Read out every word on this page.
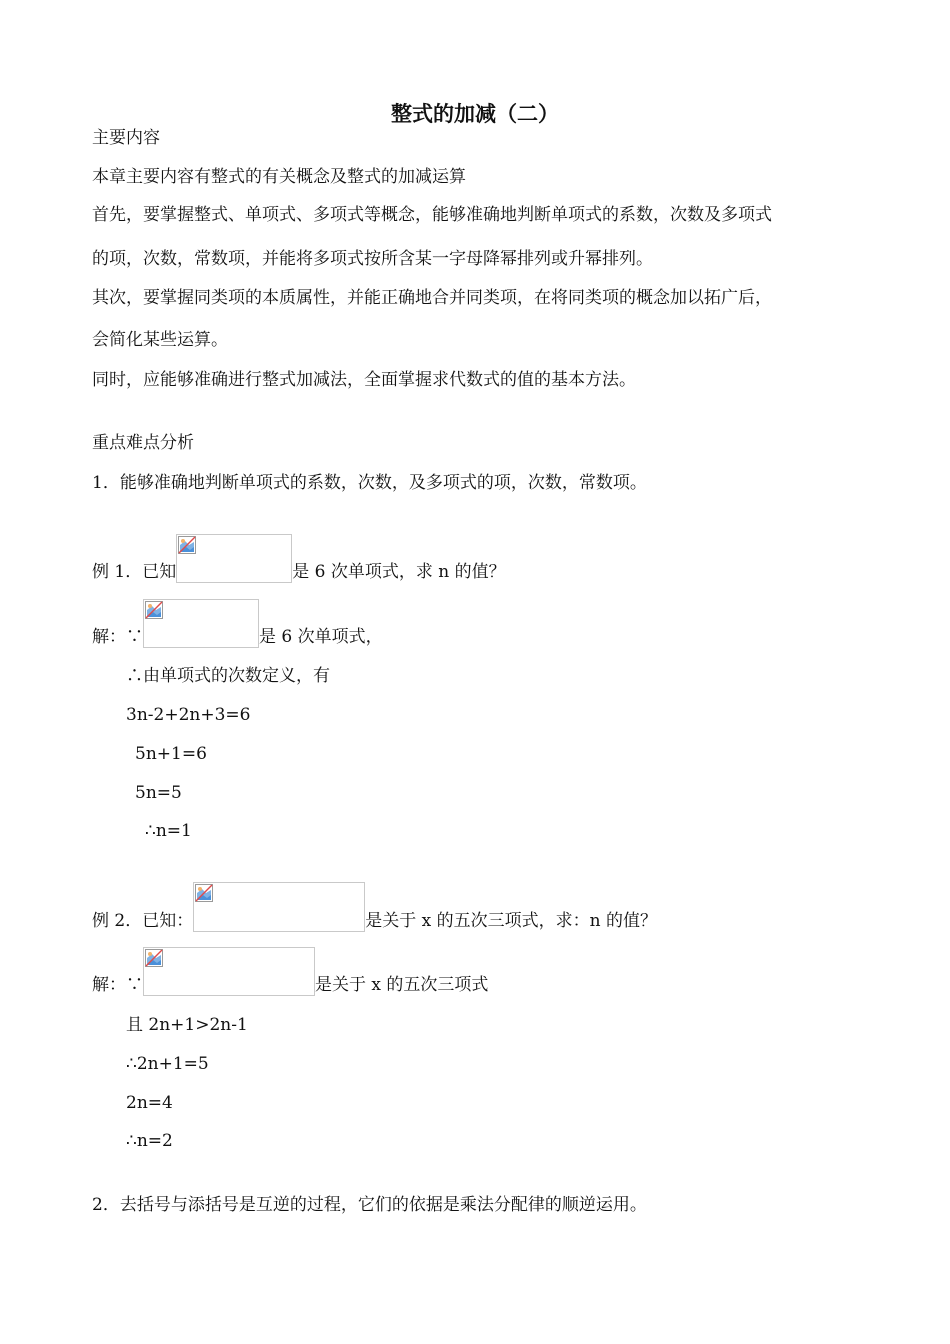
整式的加减（二）
主要内容
本章主要内容有整式的有关概念及整式的加减运算
首先，要掌握整式、单项式、多项式等概念，能够准确地判断单项式的系数，次数及多项式
的项，次数，常数项，并能将多项式按所含某一字母降幂排列或升幂排列。
其次，要掌握同类项的本质属性，并能正确地合并同类项，在将同类项的概念加以拓广后，
会简化某些运算。
同时，应能够准确进行整式加减法，全面掌握求代数式的值的基本方法。
重点难点分析
1．能够准确地判断单项式的系数，次数，及多项式的项，次数，常数项。
例 1．已知	是 6 次单项式，求 n 的值？
解：∵	是 6 次单项式，
∴由单项式的次数定义，有
3n-2+2n+3=6
5n+1=6
5n=5
∴n=1
例 2．已知：	是关于 x 的五次三项式，求：n 的值？
解：∵	是关于 x 的五次三项式
且 2n+1>2n-1
∴2n+1=5
2n=4
∴n=2
2．去括号与添括号是互逆的过程，它们的依据是乘法分配律的顺逆运用。
